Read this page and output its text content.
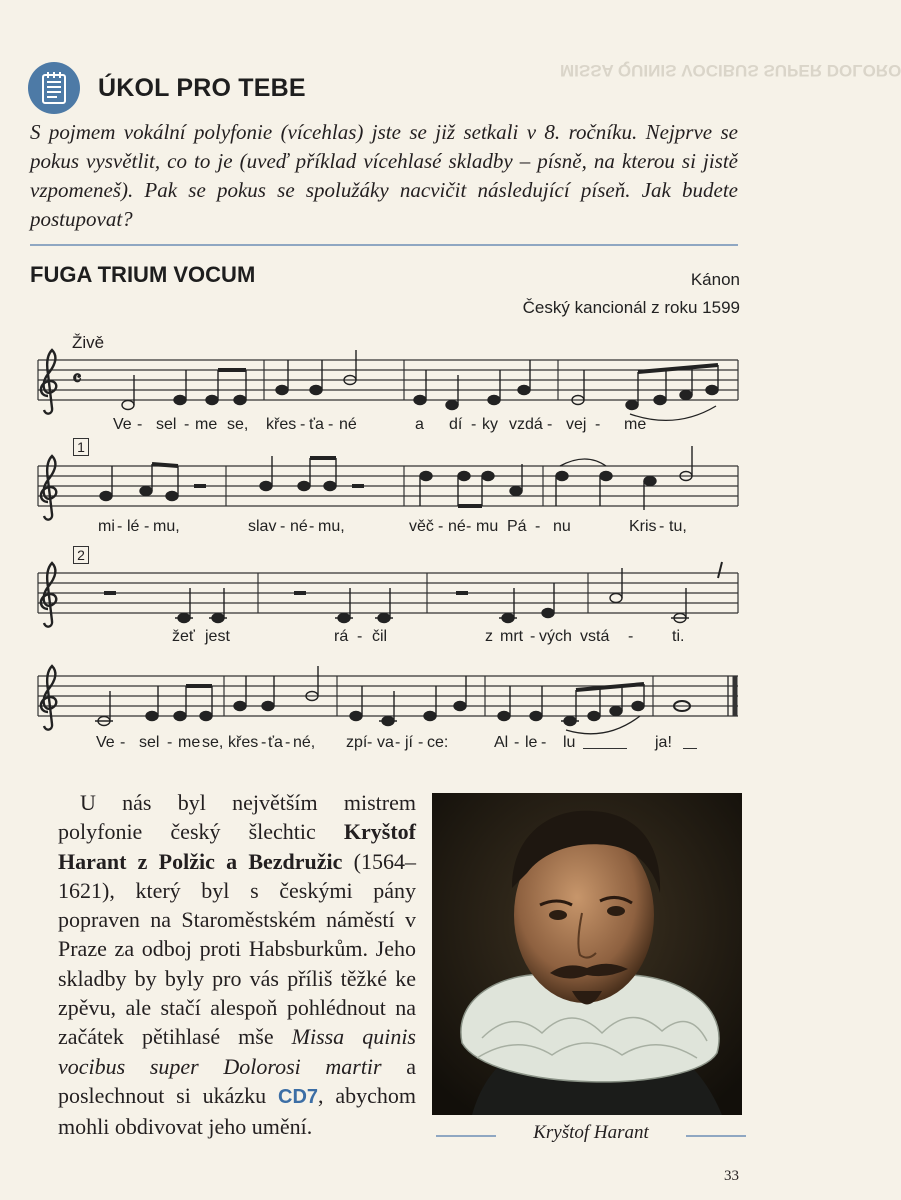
MISSA QUINIS VOCIBUS SUPER DOLORO
ÚKOL PRO TEBE
S pojmem vokální polyfonie (vícehlas) jste se již setkali v 8. ročníku. Nejprve se pokus vysvětlit, co to je (uveď příklad vícehlasé skladby – písně, na kterou si jistě vzpomeneš). Pak se pokus se spolužáky nacvičit následující píseň. Jak budete postupovat?
FUGA TRIUM VOCUM	Kánon
Český kancionál z roku 1599
Živě
𝄴
1
2
Ve - sel - me se, křes - ťa - né	a dí - ky vzdá - vej - me
mi - lé - mu,	slav - né - mu,	věč - né - mu Pá - nu	Kris - tu,
žeť jest	rá - čil	z mrt - vých vstá - ti.
Ve - sel - me se, křes - ťa - né, zpí - va - jí - ce:	Al - le - lu	ja!

 U nás byl největším mistrem polyfonie český šlechtic Kryštof Harant z Polžic a Bezdružic (1564–1621), který byl s českými pány popraven na Staroměstském náměstí v Praze za odboj proti Habsburkům. Jeho skladby by byly pro vás příliš těžké ke zpěvu, ale stačí alespoň pohlédnout na začátek pětihlasé mše Missa quinis vocibus super Dolorosi martir a poslechnout si ukázku CD7, abychom mohli obdivovat jeho umění.	Kryštof Harant
33
